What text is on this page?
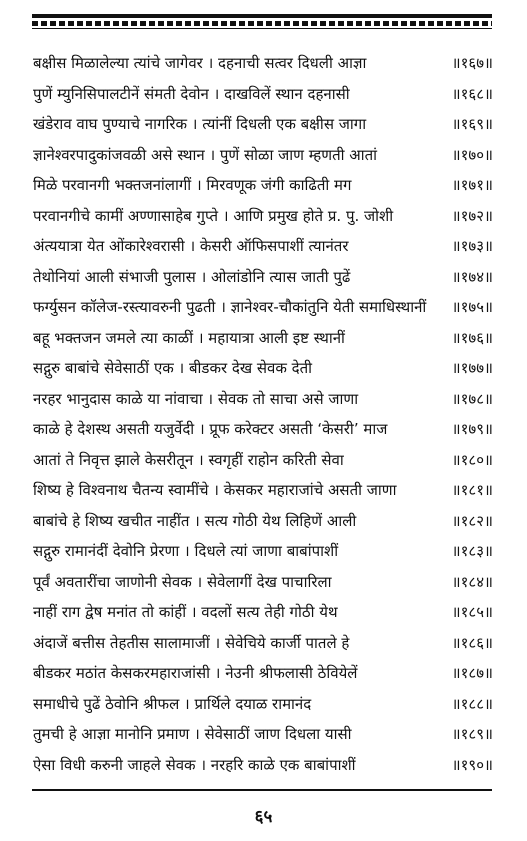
बक्षीस मिळालेल्या त्यांचे जागेवर । दहनाची सत्वर दिधली आज्ञा	॥१६७॥
पुणें म्युनिसिपालटीनें संमती देवोन । दाखविलें स्थान दहनासी	॥१६८॥
खंडेराव वाघ पुण्याचे नागरिक । त्यांनीं दिधली एक बक्षीस जागा	॥१६९॥
ज्ञानेश्वरपादुकांजवळी असे स्थान । पुणें सोळा जाण म्हणती आतां	॥१७०॥
मिळे परवानगी भक्तजनांलागीं । मिरवणूक जंगी काढिती मग	॥१७१॥
परवानगीचे कामीं अण्णासाहेब गुप्ते । आणि प्रमुख होते प्र. पु. जोशी	॥१७२॥
अंत्ययात्रा येत ओंकारेश्वरासी । केसरी ऑफिसपाशीं त्यानंतर	॥१७३॥
तेथोनियां आली संभाजी पुलास । ओलांडोनि त्यास जाती पुढें	॥१७४॥
फर्ग्युसन कॉलेज-रस्त्यावरुनी पुढती । ज्ञानेश्वर-चौकांतुनि येती समाधिस्थानीं ॥१७५॥
बहू भक्तजन जमले त्या काळीं । महायात्रा आली इष्ट स्थानीं	॥१७६॥
सद्गुरु बाबांचे सेवेसाठीं एक । बीडकर देख सेवक देती	॥१७७॥
नरहर भानुदास काळे या नांवाचा । सेवक तो साचा असे जाणा	॥१७८॥
काळे हे देशस्थ असती यजुर्वेदी । प्रूफ करेक्टर असती ‘केसरी’ माज	॥१७९॥
आतां ते निवृत्त झाले केसरीतून । स्वगृहीं राहोन करिती सेवा	॥१८०॥
शिष्य हे विश्वनाथ चैतन्य स्वामींचे । केसकर महाराजांचे असती जाणा	॥१८१॥
बाबांचे हे शिष्य खचीत नाहींत । सत्य गोठी येथ लिहिणें आली	॥१८२॥
सद्गुरु रामानंदीं देवोनि प्रेरणा । दिधले त्यां जाणा बाबांपाशीं	॥१८३॥
पूर्वं अवतारींचा जाणोनी सेवक । सेवेलागीं देख पाचारिला	॥१८४॥
नाहीं राग द्वेष मनांत तो कांहीं । वदलों सत्य तेही गोठी येथ	॥१८५॥
अंदाजें बत्तीस तेहतीस सालामाजीं । सेवेचिये कार्जी पातले हे	॥१८६॥
बीडकर मठांत केसकरमहाराजांसी । नेउनी श्रीफलासी ठेवियेलें	॥१८७॥
समाधीचे पुढें ठेवोनि श्रीफल । प्रार्थिले दयाळ रामानंद	॥१८८॥
तुमची हे आज्ञा मानोनि प्रमाण । सेवेसाठीं जाण दिधला यासी	॥१८९॥
ऐसा विधी करुनी जाहले सेवक । नरहरि काळे एक बाबांपाशीं	॥१९०॥
६५
